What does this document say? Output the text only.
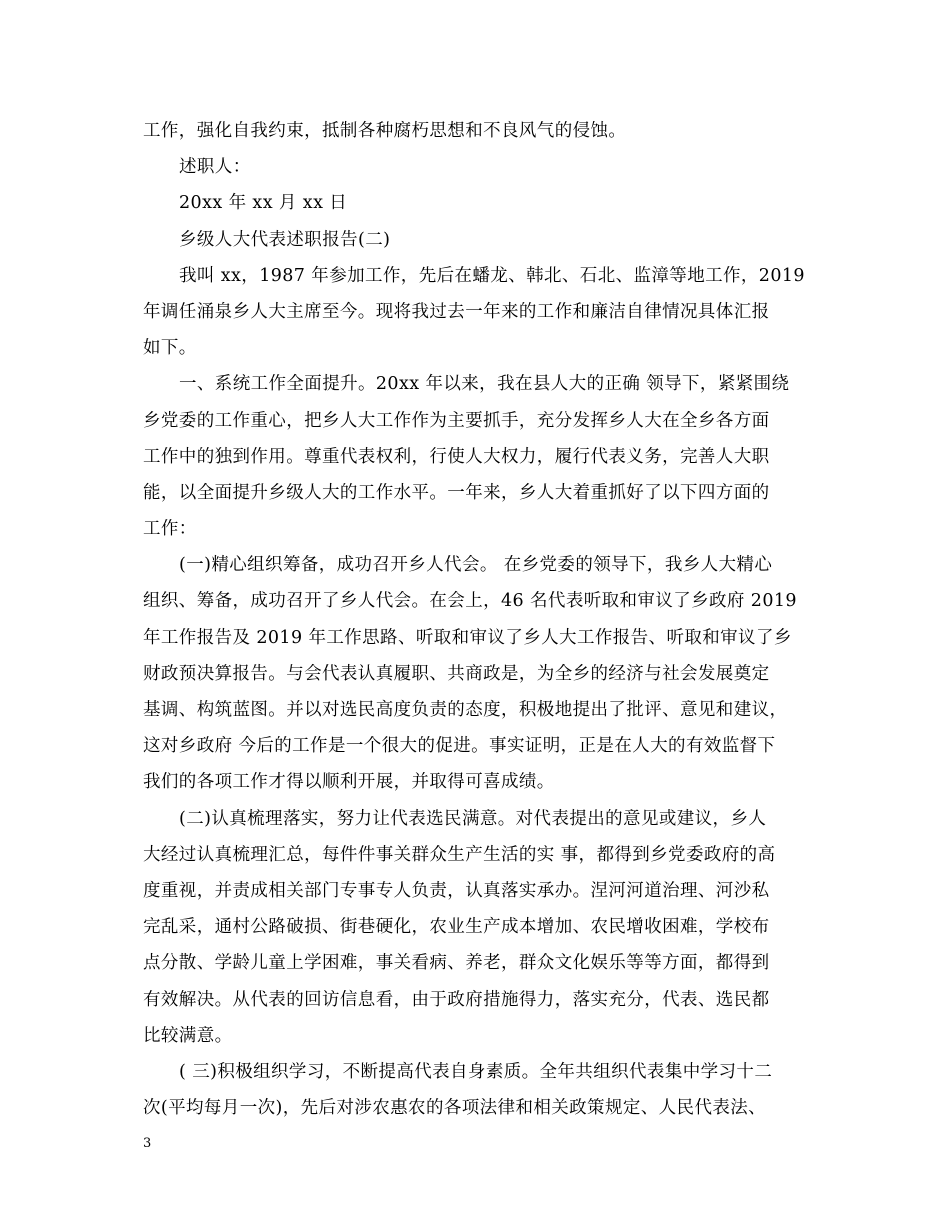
工作，强化自我约束，抵制各种腐朽思想和不良风气的侵蚀。
述职人：
20xx 年 xx 月 xx 日
乡级人大代表述职报告(二)
我叫 xx，1987 年参加工作，先后在蟠龙、韩北、石北、监漳等地工作，2019
年调任涌泉乡人大主席至今。现将我过去一年来的工作和廉洁自律情况具体汇报
如下。
一、系统工作全面提升。20xx 年以来，我在县人大的正确 领导下，紧紧围绕
乡党委的工作重心，把乡人大工作作为主要抓手，充分发挥乡人大在全乡各方面
工作中的独到作用。尊重代表权利，行使人大权力，履行代表义务，完善人大职
能，以全面提升乡级人大的工作水平。一年来，乡人大着重抓好了以下四方面的
工作：
(一)精心组织筹备，成功召开乡人代会。 在乡党委的领导下，我乡人大精心
组织、筹备，成功召开了乡人代会。在会上，46 名代表听取和审议了乡政府 2019
年工作报告及 2019 年工作思路、听取和审议了乡人大工作报告、听取和审议了乡
财政预决算报告。与会代表认真履职、共商政是，为全乡的经济与社会发展奠定
基调、构筑蓝图。并以对选民高度负责的态度，积极地提出了批评、意见和建议，
这对乡政府 今后的工作是一个很大的促进。事实证明，正是在人大的有效监督下
我们的各项工作才得以顺利开展，并取得可喜成绩。
(二)认真梳理落实，努力让代表选民满意。对代表提出的意见或建议，乡人
大经过认真梳理汇总，每件件事关群众生产生活的实 事，都得到乡党委政府的高
度重视，并责成相关部门专事专人负责，认真落实承办。涅河河道治理、河沙私
完乱采，通村公路破损、街巷硬化，农业生产成本增加、农民增收困难，学校布
点分散、学龄儿童上学困难，事关看病、养老，群众文化娱乐等等方面，都得到
有效解决。从代表的回访信息看，由于政府措施得力，落实充分，代表、选民都
比较满意。
( 三)积极组织学习，不断提高代表自身素质。全年共组织代表集中学习十二
次(平均每月一次)，先后对涉农惠农的各项法律和相关政策规定、人民代表法、
3
